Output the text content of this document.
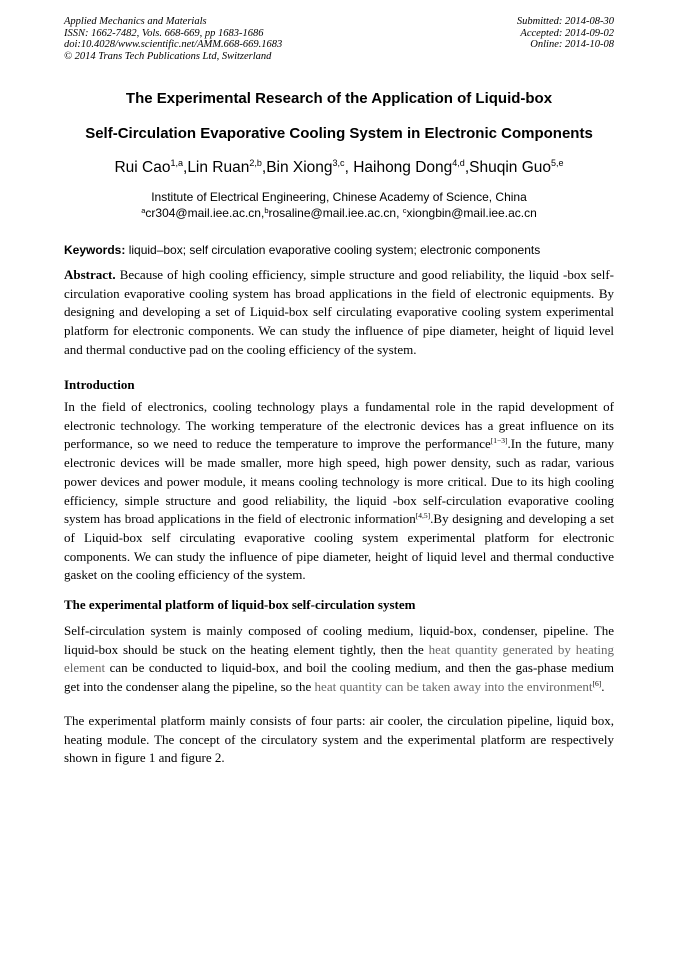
Applied Mechanics and Materials
ISSN: 1662-7482, Vols. 668-669, pp 1683-1686
doi:10.4028/www.scientific.net/AMM.668-669.1683
© 2014 Trans Tech Publications Ltd, Switzerland
Submitted: 2014-08-30
Accepted: 2014-09-02
Online: 2014-10-08
The Experimental Research of the Application of Liquid-box
Self-Circulation Evaporative Cooling System in Electronic Components
Rui Cao$^{1,a}$,Lin Ruan$^{2,b}$,Bin Xiong$^{3,c}$, Haihong Dong$^{4,d}$,Shuqin Guo$^{5,e}$
Institute of Electrical Engineering, Chinese Academy of Science, China
$^a$cr304@mail.iee.ac.cn,$^b$rosaline@mail.iee.ac.cn, $^c$xiongbin@mail.iee.ac.cn
Keywords: liquid–box; self circulation evaporative cooling system; electronic components
Abstract. Because of high cooling efficiency, simple structure and good reliability, the liquid -box self-circulation evaporative cooling system has broad applications in the field of electronic equipments. By designing and developing a set of Liquid-box self circulating evaporative cooling system experimental platform for electronic components. We can study the influence of pipe diameter, height of liquid level and thermal conductive pad on the cooling efficiency of the system.
Introduction
In the field of electronics, cooling technology plays a fundamental role in the rapid development of electronic technology. The working temperature of the electronic devices has a great influence on its performance, so we need to reduce the temperature to improve the performance[1−3].In the future, many electronic devices will be made smaller, more high speed, high power density, such as radar, various power devices and power module, it means cooling technology is more critical. Due to its high cooling efficiency, simple structure and good reliability, the liquid -box self-circulation evaporative cooling system has broad applications in the field of electronic information[4,5].By designing and developing a set of Liquid-box self circulating evaporative cooling system experimental platform for electronic components. We can study the influence of pipe diameter, height of liquid level and thermal conductive gasket on the cooling efficiency of the system.
The experimental platform of liquid-box self-circulation system
Self-circulation system is mainly composed of cooling medium, liquid-box, condenser, pipeline. The liquid-box should be stuck on the heating element tightly, then the heat quantity generated by heating element can be conducted to liquid-box, and boil the cooling medium, and then the gas-phase medium get into the condenser alang the pipeline, so the heat quantity can be taken away into the environment[6].
The experimental platform mainly consists of four parts: air cooler, the circulation pipeline, liquid box, heating module. The concept of the circulatory system and the experimental platform are respectively shown in figure 1 and figure 2.
